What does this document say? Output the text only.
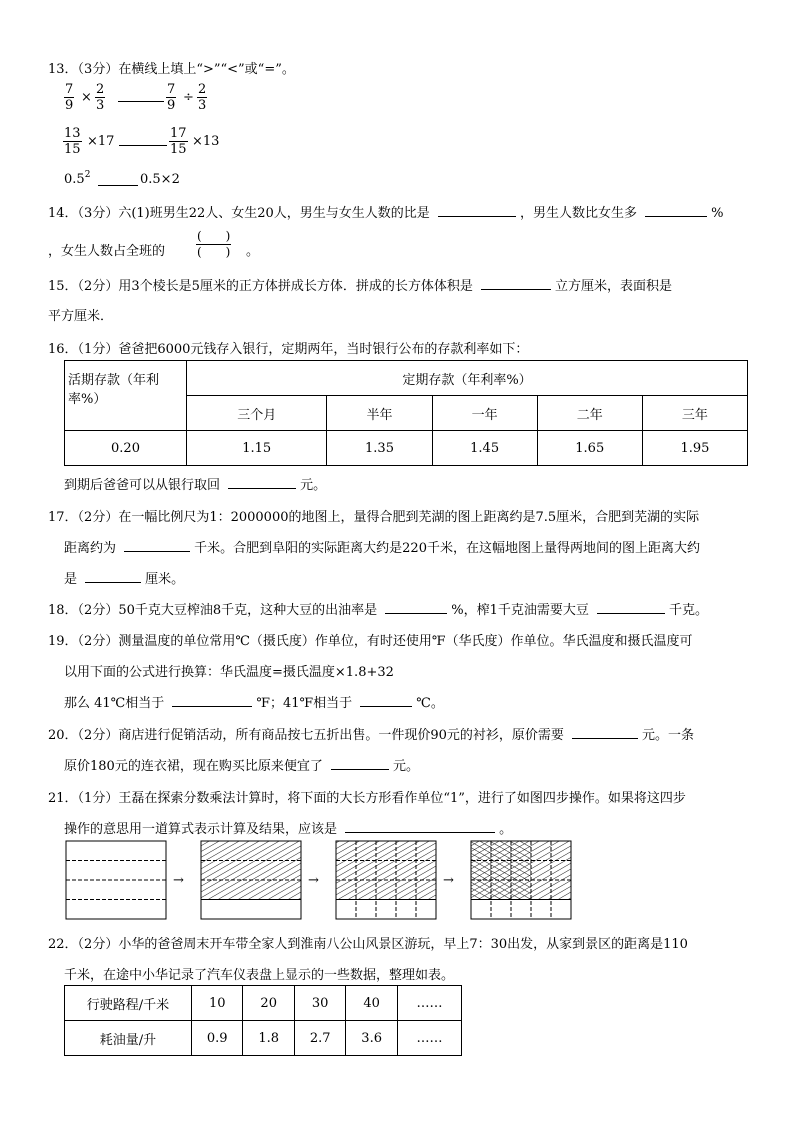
13．（3分）在横线上填上“>”“<”或“=”。
$\frac{7}{9} \times \frac{2}{3}$	$\frac{7}{9} \div \frac{2}{3}$
$\frac{13}{15} \times 17$	$\frac{17}{15} \times 13$
$0.5^2$	0.5×2
14．（3分）六(1)班男生22人、女生20人，男生与女生人数的比是	，男生人数比女生多	%
，女生人数占全班的
(　　)
(　　) 。
15．（2分）用3个棱长是5厘米的正方体拼成长方体．拼成的长方体体积是	立方厘米，表面积是
平方厘米．
16．（1分）爸爸把6000元钱存入银行，定期两年，当时银行公布的存款利率如下：
活期存款（年利率%）	定期存款（年利率%）				
	三个月	半年	一年	二年	三年
0.20	1.15	1.35	1.45	1.65	1.95
到期后爸爸可以从银行取回	元。
17．（2分）在一幅比例尺为1：2000000的地图上，量得合肥到芜湖的图上距离约是7.5厘米，合肥到芜湖的实际
距离约为	千米。合肥到阜阳的实际距离大约是220千米，在这幅地图上量得两地间的图上距离大约
是	厘米。
18．（2分）50千克大豆榨油8千克，这种大豆的出油率是	%，榨1千克油需要大豆	千克。
19．（2分）测量温度的单位常用℃（摄氏度）作单位，有时还使用℉（华氏度）作单位。华氏温度和摄氏温度可
以用下面的公式进行换算：华氏温度=摄氏温度×1.8+32
那么 41℃相当于	℉；41℉相当于	℃。
20．（2分）商店进行促销活动，所有商品按七五折出售。一件现价90元的衬衫，原价需要	元。一条
原价180元的连衣裙，现在购买比原来便宜了	元。
21．（1分）王磊在探索分数乘法计算时，将下面的大长方形看作单位“1”，进行了如图四步操作。如果将这四步
操作的意思用一道算式表示计算及结果，应该是	。
→	→	→
22．（2分）小华的爸爸周末开车带全家人到淮南八公山风景区游玩，早上7：30出发，从家到景区的距离是110
千米，在途中小华记录了汽车仪表盘上显示的一些数据，整理如表。
行驶路程/千米	10	20	30	40	……
耗油量/升	0.9	1.8	2.7	3.6	……
